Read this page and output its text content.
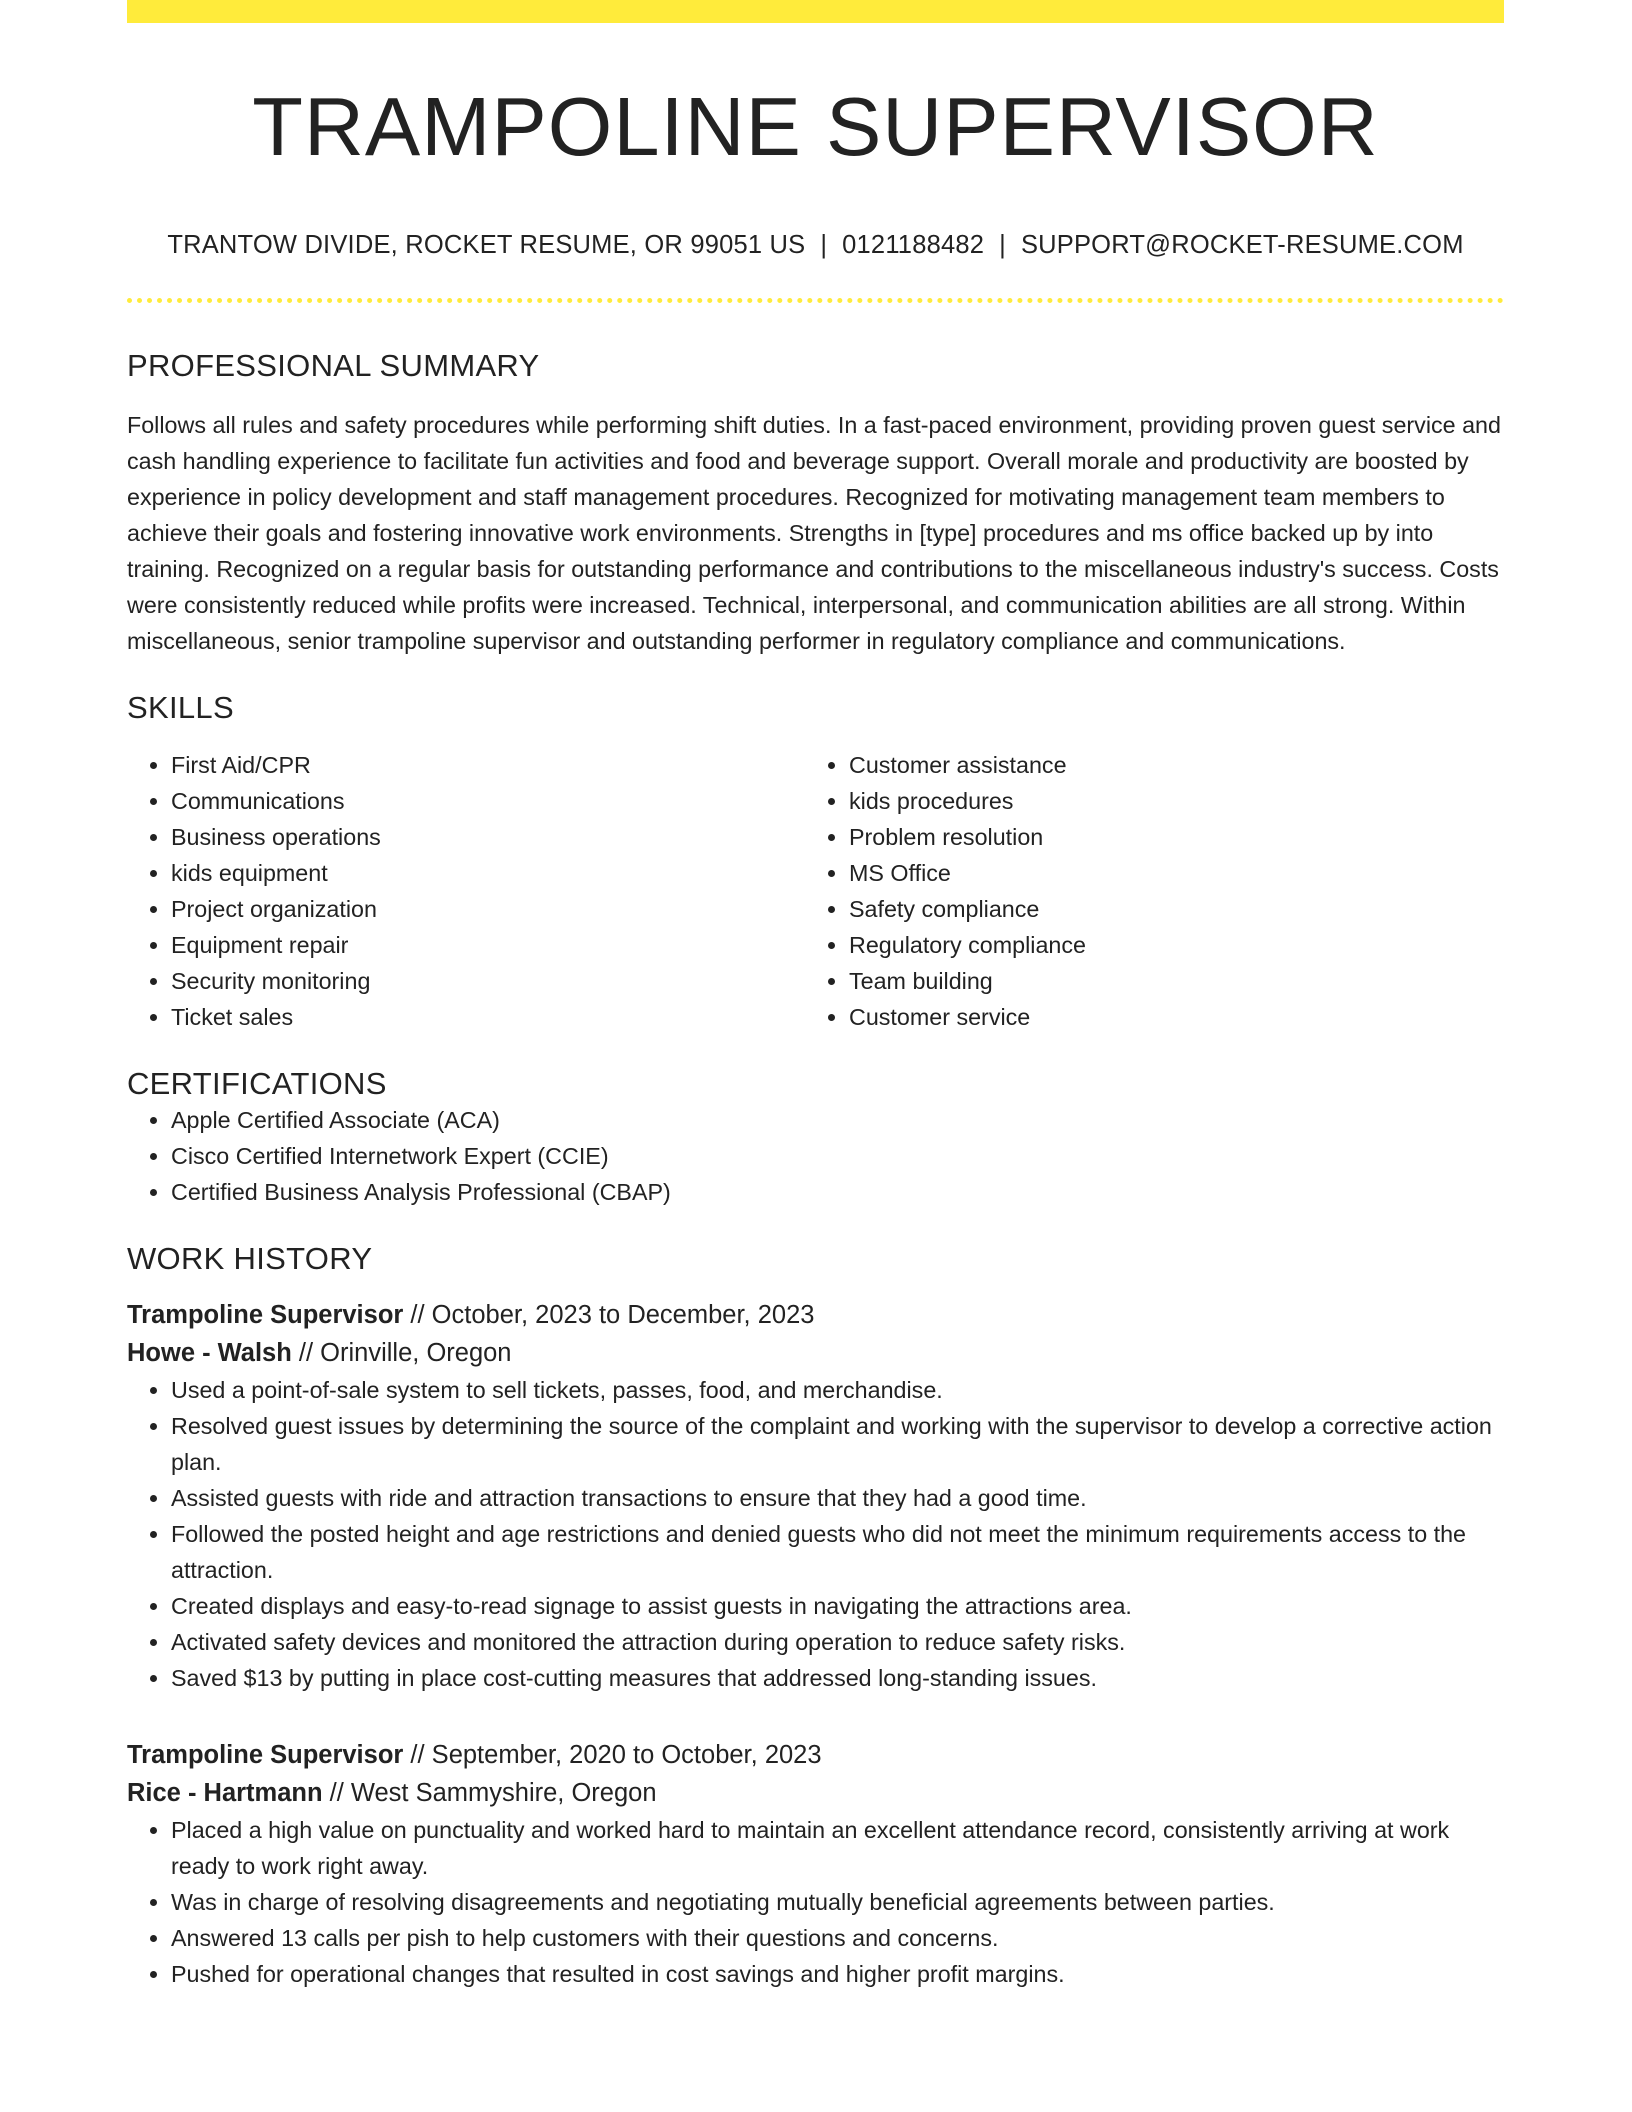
TRAMPOLINE SUPERVISOR
TRANTOW DIVIDE, ROCKET RESUME, OR 99051 US | 0121188482 | SUPPORT@ROCKET-RESUME.COM
PROFESSIONAL SUMMARY
Follows all rules and safety procedures while performing shift duties. In a fast-paced environment, providing proven guest service and cash handling experience to facilitate fun activities and food and beverage support. Overall morale and productivity are boosted by experience in policy development and staff management procedures. Recognized for motivating management team members to achieve their goals and fostering innovative work environments. Strengths in [type] procedures and ms office backed up by into training. Recognized on a regular basis for outstanding performance and contributions to the miscellaneous industry's success. Costs were consistently reduced while profits were increased. Technical, interpersonal, and communication abilities are all strong. Within miscellaneous, senior trampoline supervisor and outstanding performer in regulatory compliance and communications.
SKILLS
• First Aid/CPR
• Communications
• Business operations
• kids equipment
• Project organization
• Equipment repair
• Security monitoring
• Ticket sales
• Customer assistance
• kids procedures
• Problem resolution
• MS Office
• Safety compliance
• Regulatory compliance
• Team building
• Customer service
CERTIFICATIONS
• Apple Certified Associate (ACA)
• Cisco Certified Internetwork Expert (CCIE)
• Certified Business Analysis Professional (CBAP)
WORK HISTORY
Trampoline Supervisor // October, 2023 to December, 2023
Howe - Walsh // Orinville, Oregon
• Used a point-of-sale system to sell tickets, passes, food, and merchandise.
• Resolved guest issues by determining the source of the complaint and working with the supervisor to develop a corrective action plan.
• Assisted guests with ride and attraction transactions to ensure that they had a good time.
• Followed the posted height and age restrictions and denied guests who did not meet the minimum requirements access to the attraction.
• Created displays and easy-to-read signage to assist guests in navigating the attractions area.
• Activated safety devices and monitored the attraction during operation to reduce safety risks.
• Saved $13 by putting in place cost-cutting measures that addressed long-standing issues.
Trampoline Supervisor // September, 2020 to October, 2023
Rice - Hartmann // West Sammyshire, Oregon
• Placed a high value on punctuality and worked hard to maintain an excellent attendance record, consistently arriving at work ready to work right away.
• Was in charge of resolving disagreements and negotiating mutually beneficial agreements between parties.
• Answered 13 calls per pish to help customers with their questions and concerns.
• Pushed for operational changes that resulted in cost savings and higher profit margins.
